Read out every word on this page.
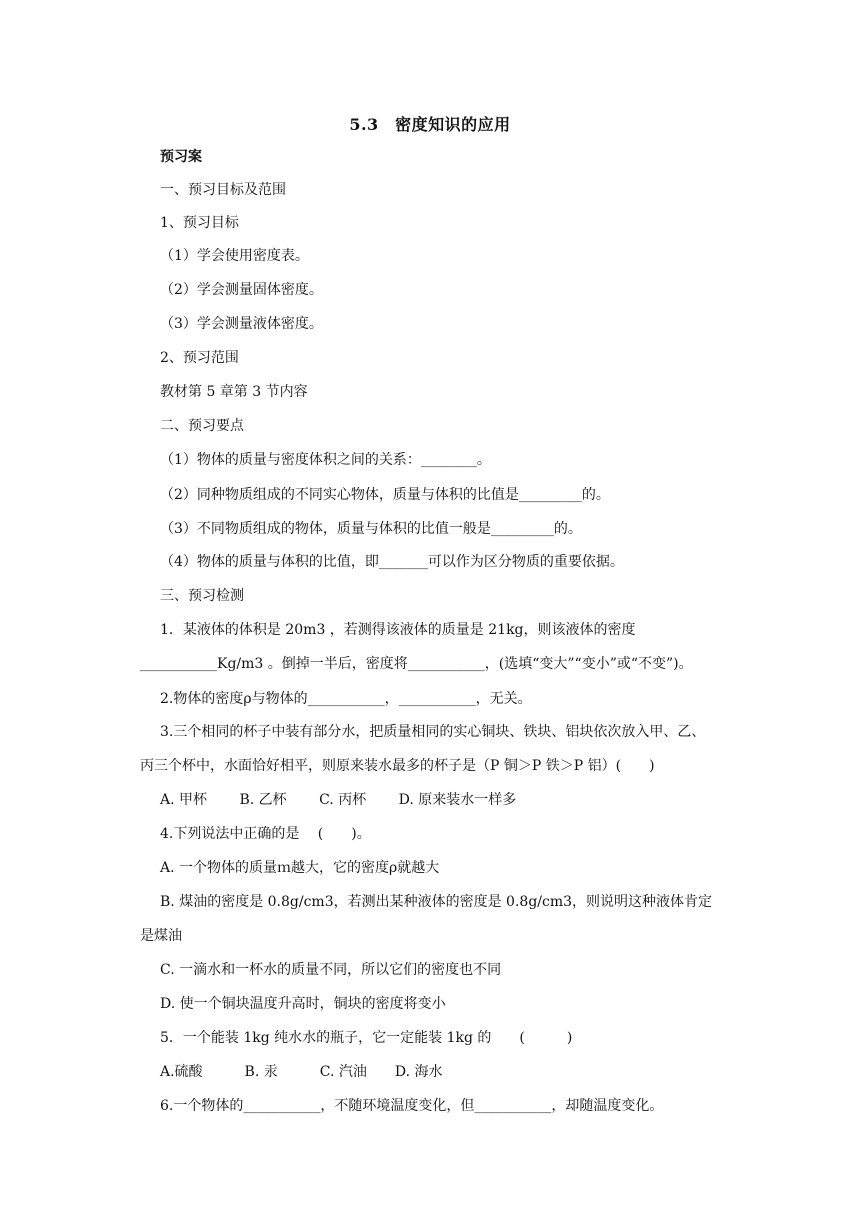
5.3　密度知识的应用
预习案
一、预习目标及范围
1、预习目标
（1）学会使用密度表。
（2）学会测量固体密度。
（3）学会测量液体密度。
2、预习范围
教材第 5 章第 3 节内容
二、预习要点
（1）物体的质量与密度体积之间的关系：________。
（2）同种物质组成的不同实心物体，质量与体积的比值是_________的。
（3）不同物质组成的物体，质量与体积的比值一般是_________的。
（4）物体的质量与体积的比值，即_______可以作为区分物质的重要依据。
三、预习检测
1．某液体的体积是 20m3 ，若测得该液体的质量是 21kg，则该液体的密度
___________Kg/m3 。倒掉一半后，密度将___________，(选填“变大”“变小”或“不变”)。
2.物体的密度ρ与物体的___________，___________，无关。
3.三个相同的杯子中装有部分水，把质量相同的实心铜块、铁块、铝块依次放入甲、乙、
丙三个杯中，水面恰好相平，则原来装水最多的杯子是（P 铜＞P 铁＞P 铝）(　　)
A. 甲杯　　 B. 乙杯　　 C. 丙杯　　 D. 原来装水一样多
4.下列说法中正确的是　 (　　)。
A. 一个物体的质量ｍ越大，它的密度ρ就越大
B. 煤油的密度是 0.8g/cm3，若测出某种液体的密度是 0.8g/cm3，则说明这种液体肯定
是煤油
C. 一滴水和一杯水的质量不同，所以它们的密度也不同
D. 使一个铜块温度升高时，铜块的密度将变小
5．一个能装 1kg 纯水水的瓶子，它一定能装 1kg 的　　(　　　)
A.硫酸　　　B. 汞　　　C. 汽油　　D. 海水
6.一个物体的___________，不随环境温度变化，但___________，却随温度变化。
